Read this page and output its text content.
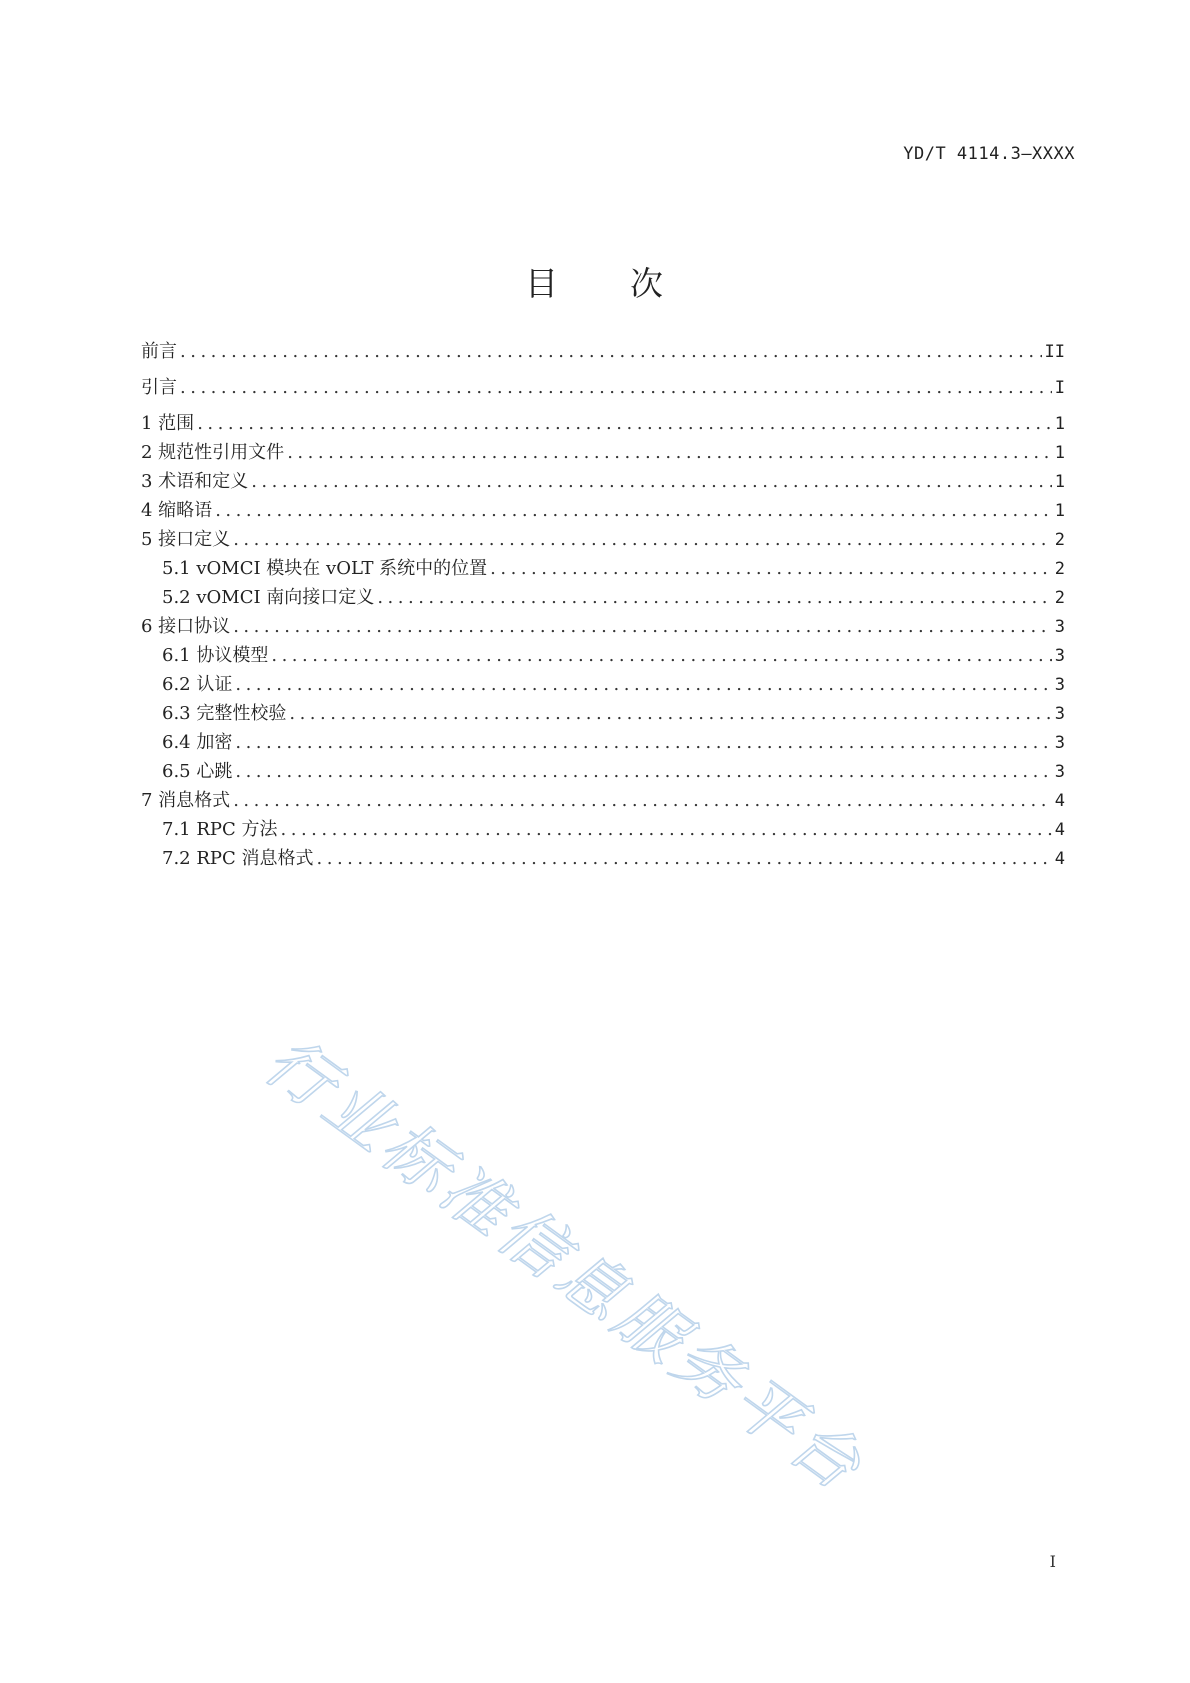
YD/T 4114.3—XXXX
目　　次
前言 .....	II
引言 .....	I
1 范围 .....	1
2 规范性引用文件 .....	1
3 术语和定义 .....	1
4 缩略语 .....	1
5 接口定义 .....	2
5.1 vOMCI 模块在 vOLT 系统中的位置 .....	2
5.2 vOMCI 南向接口定义 .....	2
6 接口协议 .....	3
6.1 协议模型 .....	3
6.2 认证 .....	3
6.3 完整性校验 .....	3
6.4 加密 .....	3
6.5 心跳 .....	3
7 消息格式 .....	4
7.1 RPC 方法 .....	4
7.2 RPC 消息格式 .....	4
I
行业标准信息服务平台
